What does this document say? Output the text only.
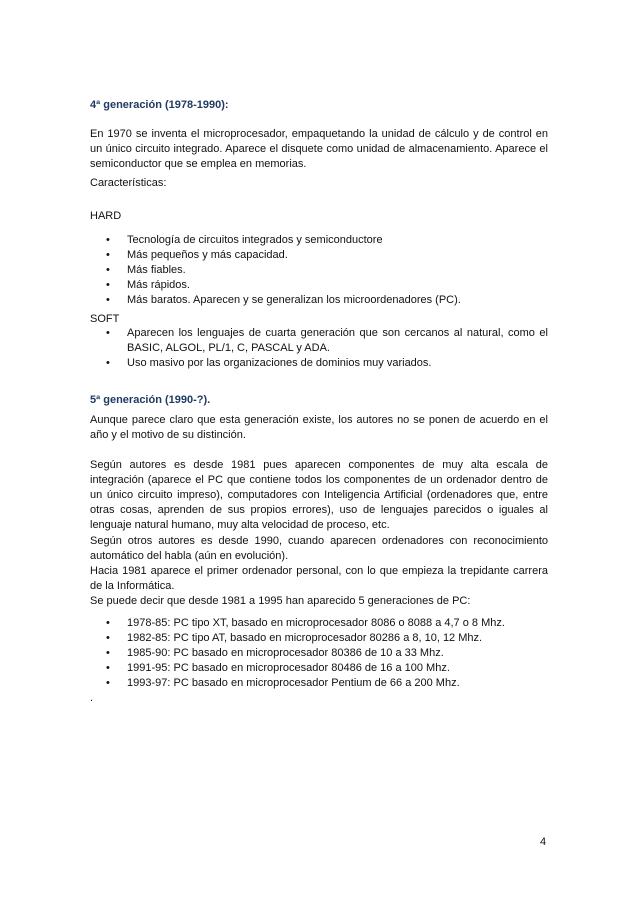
4ª generación (1978-1990):

En 1970 se inventa el microprocesador, empaquetando la unidad de cálculo y de control en un único circuito integrado. Aparece el disquete como unidad de almacenamiento. Aparece el semiconductor que se emplea en memorias.

Características:
HARD
• Tecnología de circuitos integrados y semiconductore
• Más pequeños y más capacidad.
• Más fiables.
• Más rápidos.
• Más baratos. Aparecen y se generalizan los microordenadores (PC).
SOFT
• Aparecen los lenguajes de cuarta generación que son cercanos al natural, como el BASIC, ALGOL, PL/1, C, PASCAL y ADA.
• Uso masivo por las organizaciones de dominios muy variados.
5ª generación (1990-?).

Aunque parece claro que esta generación existe, los autores no se ponen de acuerdo en el año y el motivo de su distinción.

Según autores es desde 1981 pues aparecen componentes de muy alta escala de integración (aparece el PC que contiene todos los componentes de un ordenador dentro de un único circuito impreso), computadores con Inteligencia Artificial (ordenadores que, entre otras cosas, aprenden de sus propios errores), uso de lenguajes parecidos o iguales al lenguaje natural humano, muy alta velocidad de proceso, etc.

Según otros autores es desde 1990, cuando aparecen ordenadores con reconocimiento automático del habla (aún en evolución).

Hacia 1981 aparece el primer ordenador personal, con lo que empieza la trepidante carrera de la Informática.

Se puede decir que desde 1981 a 1995 han aparecido 5 generaciones de PC:

• 1978-85: PC tipo XT, basado en microprocesador 8086 o 8088 a 4,7 o 8 Mhz.
• 1982-85: PC tipo AT, basado en microprocesador 80286 a 8, 10, 12 Mhz.
• 1985-90: PC basado en microprocesador 80386 de 10 a 33 Mhz.
• 1991-95: PC basado en microprocesador 80486 de 16 a 100 Mhz.
• 1993-97: PC basado en microprocesador Pentium de 66 a 200 Mhz.
.
4
